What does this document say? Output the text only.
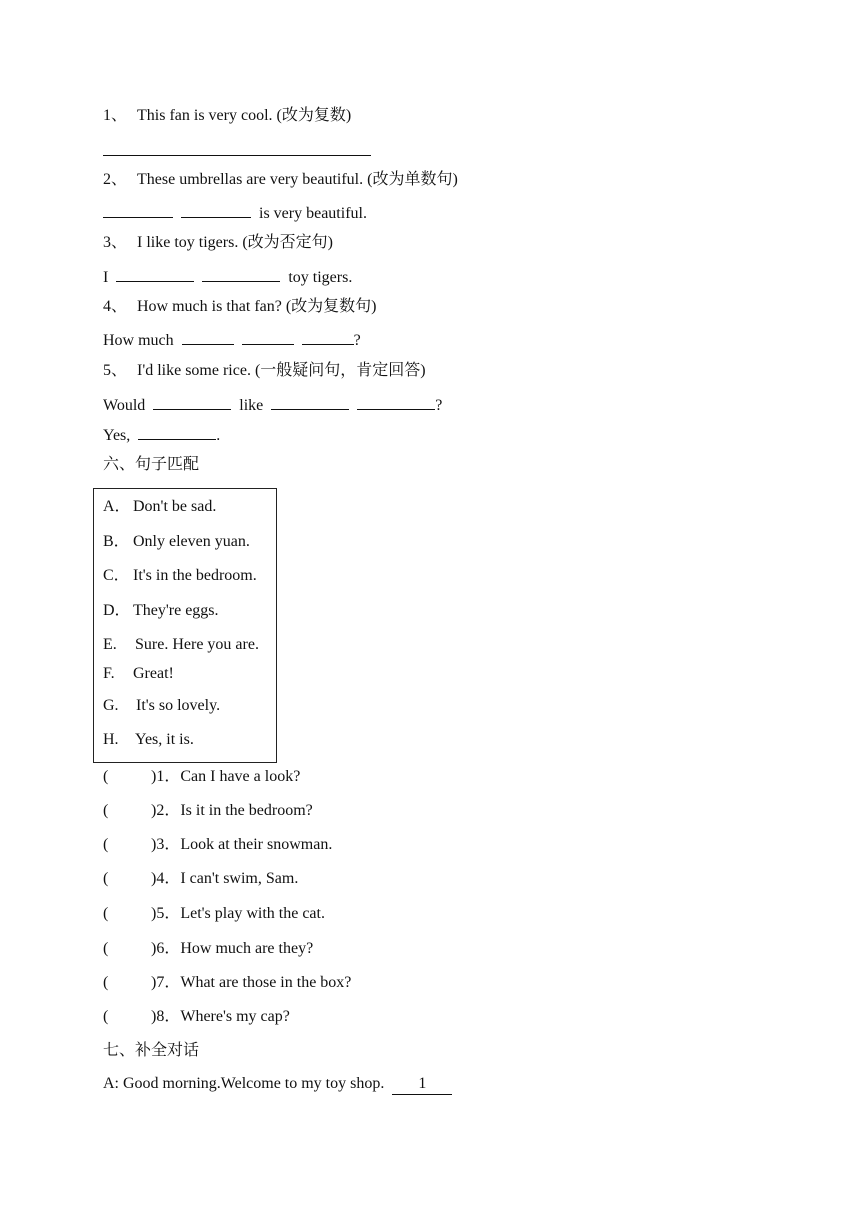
1、 This fan is very cool. (改为复数)
2、 These umbrellas are very beautiful. (改为单数句)
is very beautiful.
3、 I like toy tigers. (改为否定句)
I	toy tigers.
4、 How much is that fan? (改为复数句)
How much	?
5、 I'd like some rice. (一般疑问句，肯定回答)
Would	like	?
Yes,	.
六、句子匹配
A． Don't be sad.
B． Only eleven yuan.
C． It's in the bedroom.
D． They're eggs.
E. Sure. Here you are.
F. Great!
G. It's so lovely.
H. Yes, it is.
(	)1．Can I have a look?
(	)2．Is it in the bedroom?
(	)3．Look at their snowman.
(	)4．I can't swim, Sam.
(	)5．Let's play with the cat.
(	)6．How much are they?
(	)7．What are those in the box?
(	)8．Where's my cap?
七、补全对话
A: Good morning.Welcome to my toy shop. 1
